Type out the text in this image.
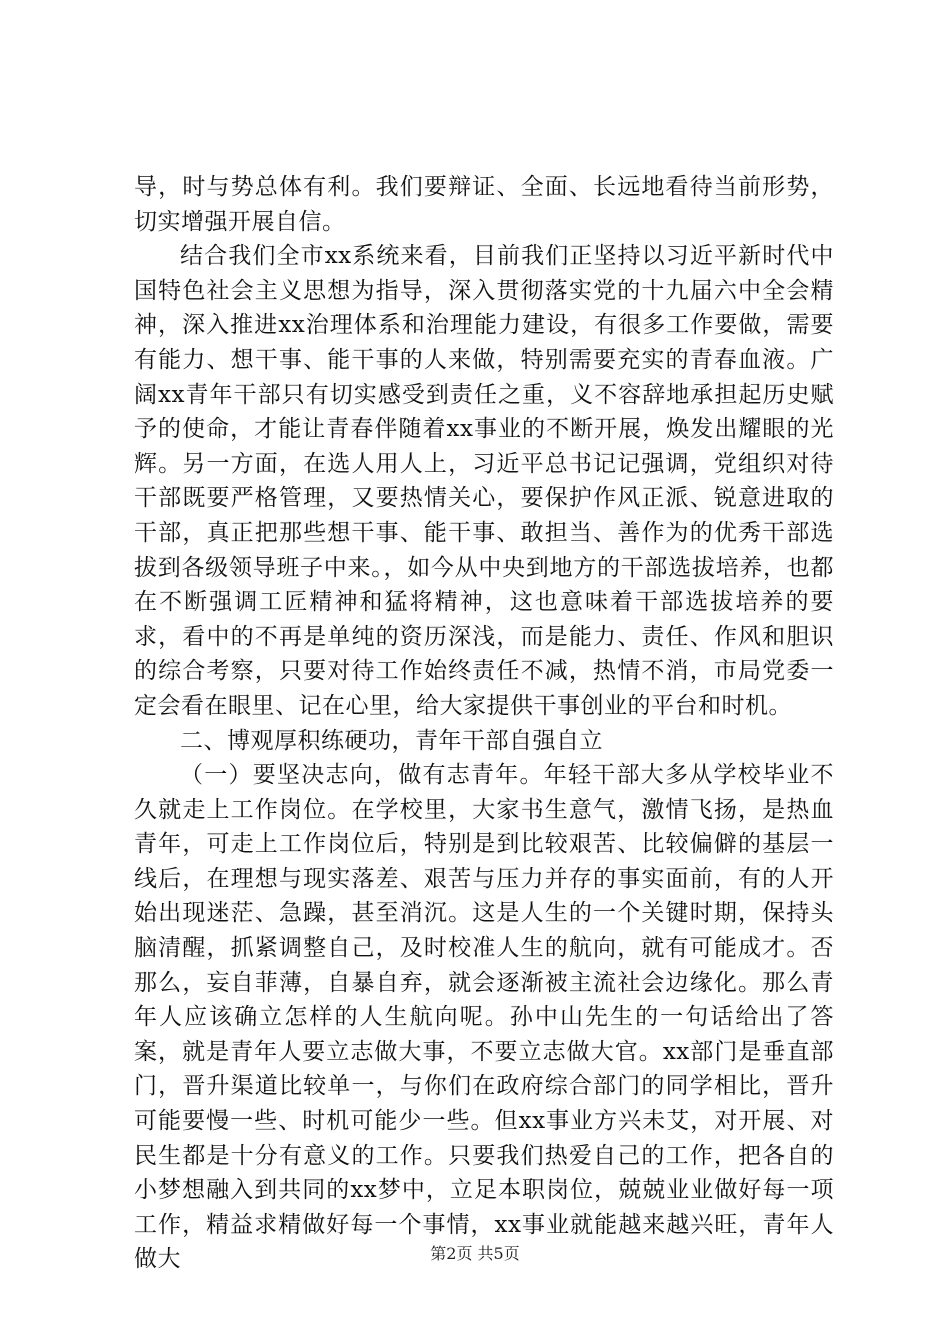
导，时与势总体有利。我们要辩证、全面、长远地看待当前形势，切实增强开展自信。

结合我们全市xx系统来看，目前我们正坚持以习近平新时代中国特色社会主义思想为指导，深入贯彻落实党的十九届六中全会精神，深入推进xx治理体系和治理能力建设，有很多工作要做，需要有能力、想干事、能干事的人来做，特别需要充实的青春血液。广阔xx青年干部只有切实感受到责任之重，义不容辞地承担起历史赋予的使命，才能让青春伴随着xx事业的不断开展，焕发出耀眼的光辉。另一方面，在选人用人上，习近平总书记记强调，党组织对待干部既要严格管理，又要热情关心，要保护作风正派、锐意进取的干部，真正把那些想干事、能干事、敢担当、善作为的优秀干部选拔到各级领导班子中来。，如今从中央到地方的干部选拔培养，也都在不断强调工匠精神和猛将精神，这也意味着干部选拔培养的要求，看中的不再是单纯的资历深浅，而是能力、责任、作风和胆识的综合考察，只要对待工作始终责任不减，热情不消，市局党委一定会看在眼里、记在心里，给大家提供干事创业的平台和时机。

二、博观厚积练硬功，青年干部自强自立

（一）要坚决志向，做有志青年。年轻干部大多从学校毕业不久就走上工作岗位。在学校里，大家书生意气，激情飞扬，是热血青年，可走上工作岗位后，特别是到比较艰苦、比较偏僻的基层一线后，在理想与现实落差、艰苦与压力并存的事实面前，有的人开始出现迷茫、急躁，甚至消沉。这是人生的一个关键时期，保持头脑清醒，抓紧调整自己，及时校准人生的航向，就有可能成才。否那么，妄自菲薄，自暴自弃，就会逐渐被主流社会边缘化。那么青年人应该确立怎样的人生航向呢。孙中山先生的一句话给出了答案，就是青年人要立志做大事，不要立志做大官。xx部门是垂直部门，晋升渠道比较单一，与你们在政府综合部门的同学相比，晋升可能要慢一些、时机可能少一些。但xx事业方兴未艾，对开展、对民生都是十分有意义的工作。只要我们热爱自己的工作，把各自的小梦想融入到共同的xx梦中，立足本职岗位，兢兢业业做好每一项工作，精益求精做好每一个事情，xx事业就能越来越兴旺，青年人做大	第2页 共5页
